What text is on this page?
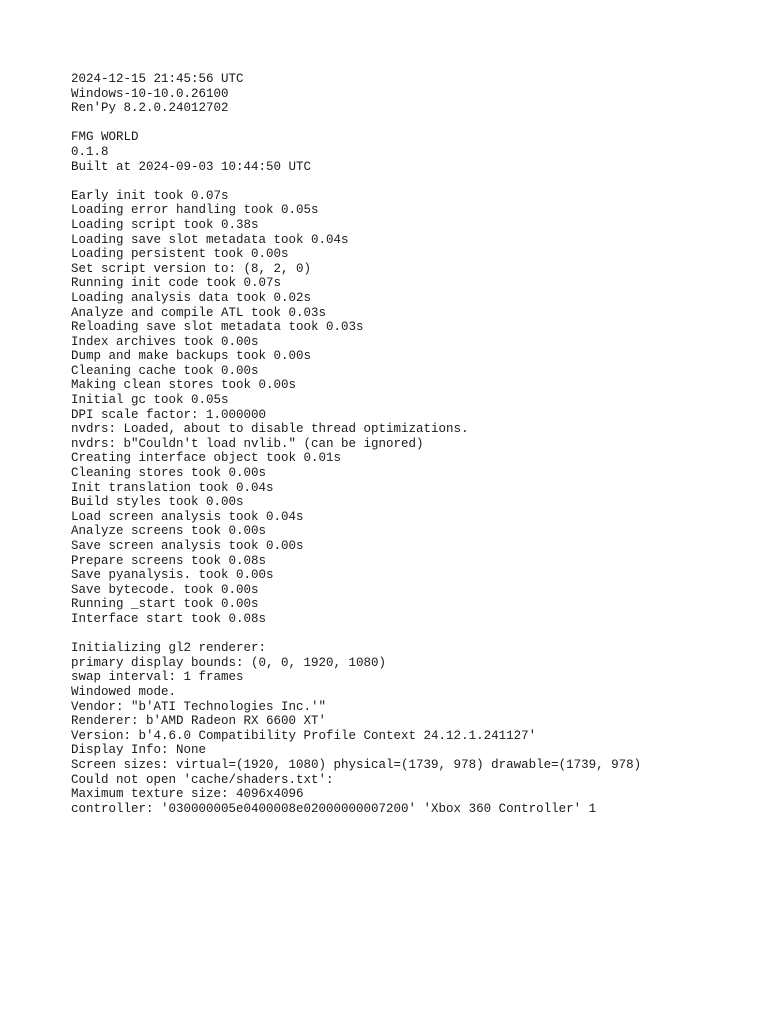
2024-12-15 21:45:56 UTC
Windows-10-10.0.26100
Ren'Py 8.2.0.24012702
FMG WORLD
0.1.8
Built at 2024-09-03 10:44:50 UTC
Early init took 0.07s
Loading error handling took 0.05s
Loading script took 0.38s
Loading save slot metadata took 0.04s
Loading persistent took 0.00s
Set script version to: (8, 2, 0)
Running init code took 0.07s
Loading analysis data took 0.02s
Analyze and compile ATL took 0.03s
Reloading save slot metadata took 0.03s
Index archives took 0.00s
Dump and make backups took 0.00s
Cleaning cache took 0.00s
Making clean stores took 0.00s
Initial gc took 0.05s
DPI scale factor: 1.000000
nvdrs: Loaded, about to disable thread optimizations.
nvdrs: b"Couldn't load nvlib." (can be ignored)
Creating interface object took 0.01s
Cleaning stores took 0.00s
Init translation took 0.04s
Build styles took 0.00s
Load screen analysis took 0.04s
Analyze screens took 0.00s
Save screen analysis took 0.00s
Prepare screens took 0.08s
Save pyanalysis. took 0.00s
Save bytecode. took 0.00s
Running _start took 0.00s
Interface start took 0.08s
Initializing gl2 renderer:
primary display bounds: (0, 0, 1920, 1080)
swap interval: 1 frames
Windowed mode.
Vendor: "b'ATI Technologies Inc.'"
Renderer: b'AMD Radeon RX 6600 XT'
Version: b'4.6.0 Compatibility Profile Context 24.12.1.241127'
Display Info: None
Screen sizes: virtual=(1920, 1080) physical=(1739, 978) drawable=(1739, 978)
Could not open 'cache/shaders.txt':
Maximum texture size: 4096x4096
controller: '030000005e0400008e02000000007200' 'Xbox 360 Controller' 1
